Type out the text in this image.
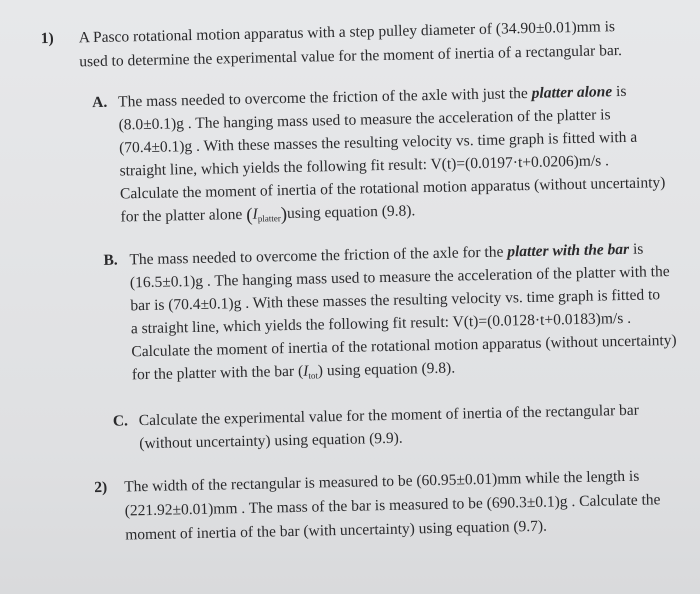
1) A Pasco rotational motion apparatus with a step pulley diameter of (34.90±0.01)mm is
used to determine the experimental value for the moment of inertia of a rectangular bar.
A. The mass needed to overcome the friction of the axle with just the platter alone is
(8.0±0.1)g . The hanging mass used to measure the acceleration of the platter is
(70.4±0.1)g . With these masses the resulting velocity vs. time graph is fitted with a
straight line, which yields the following fit result: V(t)=(0.0197·t+0.0206)m/s .
Calculate the moment of inertia of the rotational motion apparatus (without uncertainty)
for the platter alone $(I_{platter})using$ equation (9.8).
B. The mass needed to overcome the friction of the axle for the platter with the bar is
(16.5±0.1)g . The hanging mass used to measure the acceleration of the platter with the
bar is (70.4±0.1)g . With these masses the resulting velocity vs. time graph is fitted to
a straight line, which yields the following fit result: V(t)=(0.0128·t+0.0183)m/s .
Calculate the moment of inertia of the rotational motion apparatus (without uncertainty)
for the platter with the bar $(I_{tot})$ using equation (9.8).
C. Calculate the experimental value for the moment of inertia of the rectangular bar
(without uncertainty) using equation (9.9).
2) The width of the rectangular is measured to be (60.95±0.01)mm while the length is
(221.92±0.01)mm . The mass of the bar is measured to be (690.3±0.1)g . Calculate the
moment of inertia of the bar (with uncertainty) using equation (9.7).
